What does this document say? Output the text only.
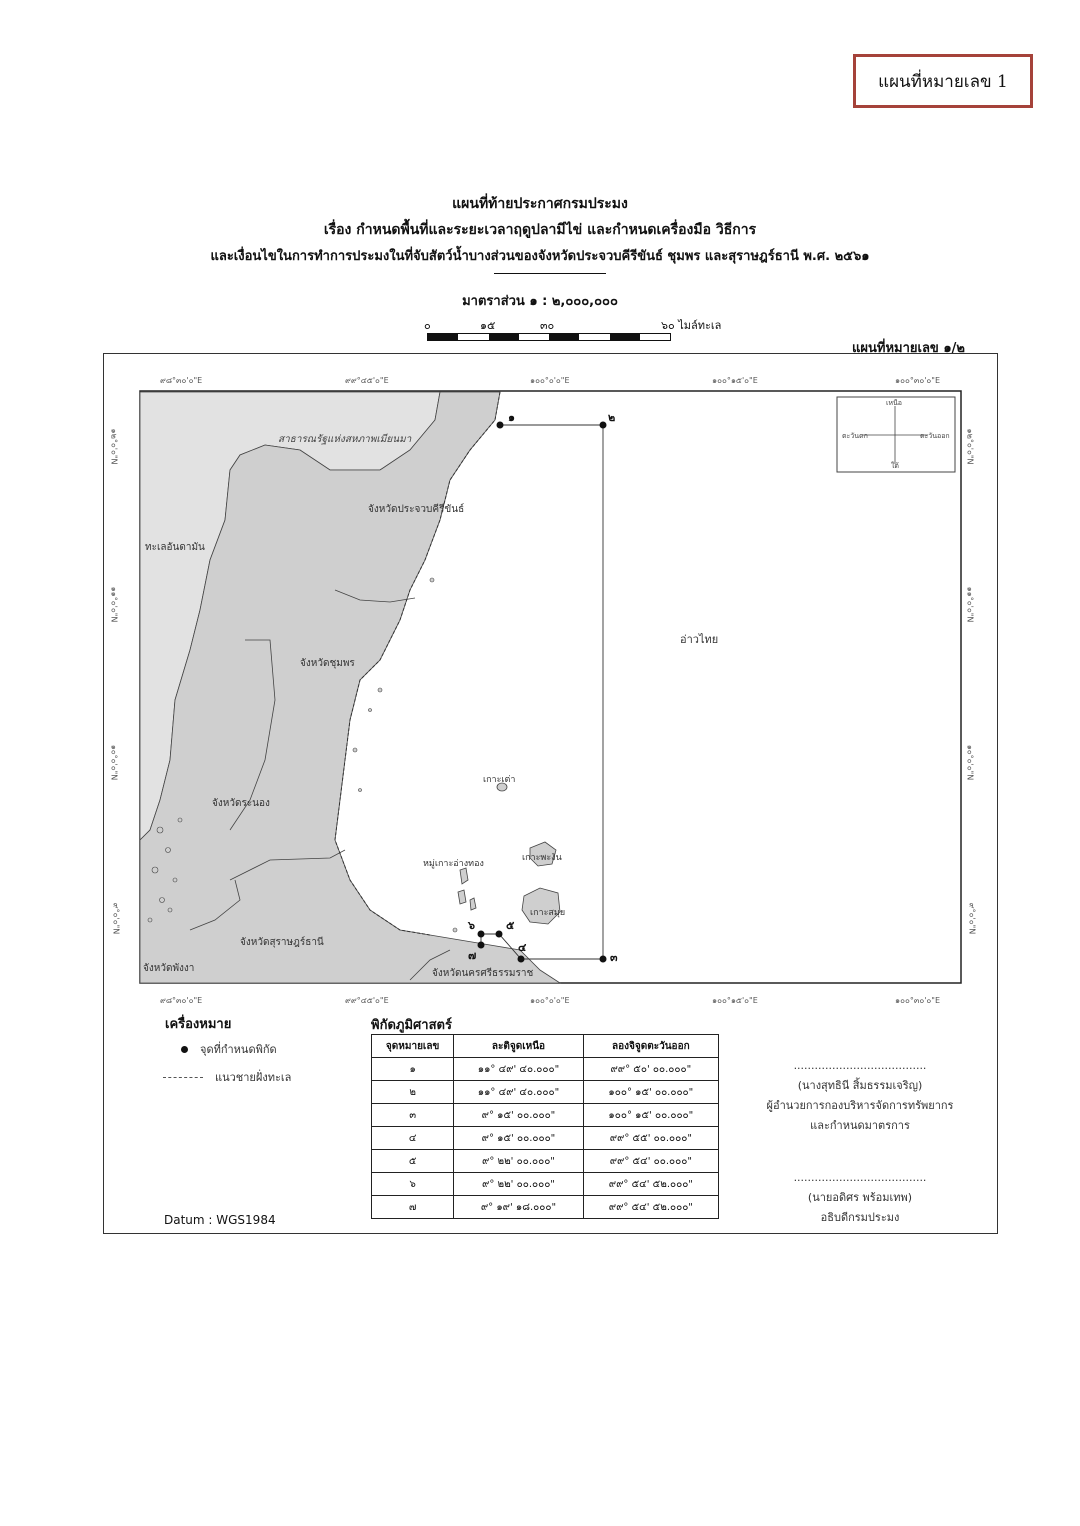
แผนที่หมายเลข 1
แผนที่ท้ายประกาศกรมประมง
เรื่อง กำหนดพื้นที่และระยะเวลาฤดูปลามีไข่ และกำหนดเครื่องมือ วิธีการ
และเงื่อนไขในการทำการประมงในที่จับสัตว์น้ำบางส่วนของจังหวัดประจวบคีรีขันธ์ ชุมพร และสุราษฎร์ธานี พ.ศ. ๒๕๖๑
มาตราส่วน ๑ : ๒,๐๐๐,๐๐๐
๐	๑๕	๓๐	๖๐ ไมล์ทะเล
แผนที่หมายเลข ๑/๒
๙๘°๓๐'๐"E	๙๙°๔๕'๐"E	๑๐๐°๐'๐"E	๑๐๐°๑๕'๐"E	๑๐๐°๓๐'๐"E
๙๘°๓๐'๐"E	๙๙°๔๕'๐"E	๑๐๐°๐'๐"E	๑๐๐°๑๕'๐"E	๑๐๐°๓๐'๐"E
๑๒°๐'๐"N
๑๑°๐'๐"N
๑๐°๐'๐"N
๙°๐'๐"N
๑๒°๐'๐"N
๑๑°๐'๐"N
๑๐°๐'๐"N
๙°๐'๐"N
สาธารณรัฐแห่งสหภาพเมียนมา
ทะเลอันดามัน
จังหวัดประจวบคีรีขันธ์
จังหวัดชุมพร
จังหวัดระนอง
จังหวัดสุราษฎร์ธานี
จังหวัดพังงา	จังหวัดนครศรีธรรมราช
อ่าวไทย
เกาะเต่า
เกาะพะงัน
เกาะสมุย
หมู่เกาะอ่างทอง
เหนือ
ใต้
ตะวันออก
ตะวันตก
๑	๒
๓
๔
๕
๖
๗
เครื่องหมาย
จุดที่กำหนดพิกัด
แนวชายฝั่งทะเล
Datum : WGS1984
พิกัดภูมิศาสตร์
จุดหมายเลข	ละติจูดเหนือ	ลองจิจูดตะวันออก
๑	๑๑° ๔๙' ๔๐.๐๐๐"	๙๙° ๕๐' ๐๐.๐๐๐"
๒	๑๑° ๔๙' ๔๐.๐๐๐"	๑๐๐° ๑๕' ๐๐.๐๐๐"
๓	๙° ๑๕' ๐๐.๐๐๐"	๑๐๐° ๑๕' ๐๐.๐๐๐"
๔	๙° ๑๕' ๐๐.๐๐๐"	๙๙° ๕๕' ๐๐.๐๐๐"
๕	๙° ๒๒' ๐๐.๐๐๐"	๙๙° ๕๔' ๐๐.๐๐๐"
๖	๙° ๒๒' ๐๐.๐๐๐"	๙๙° ๕๔' ๕๒.๐๐๐"
๗	๙° ๑๙' ๑๘.๐๐๐"	๙๙° ๕๔' ๕๒.๐๐๐"
......................................
(นางสุทธินี สิ้มธรรมเจริญ)
ผู้อำนวยการกองบริหารจัดการทรัพยากร
และกำหนดมาตรการ
......................................
(นายอดิศร พร้อมเทพ)
อธิบดีกรมประมง
